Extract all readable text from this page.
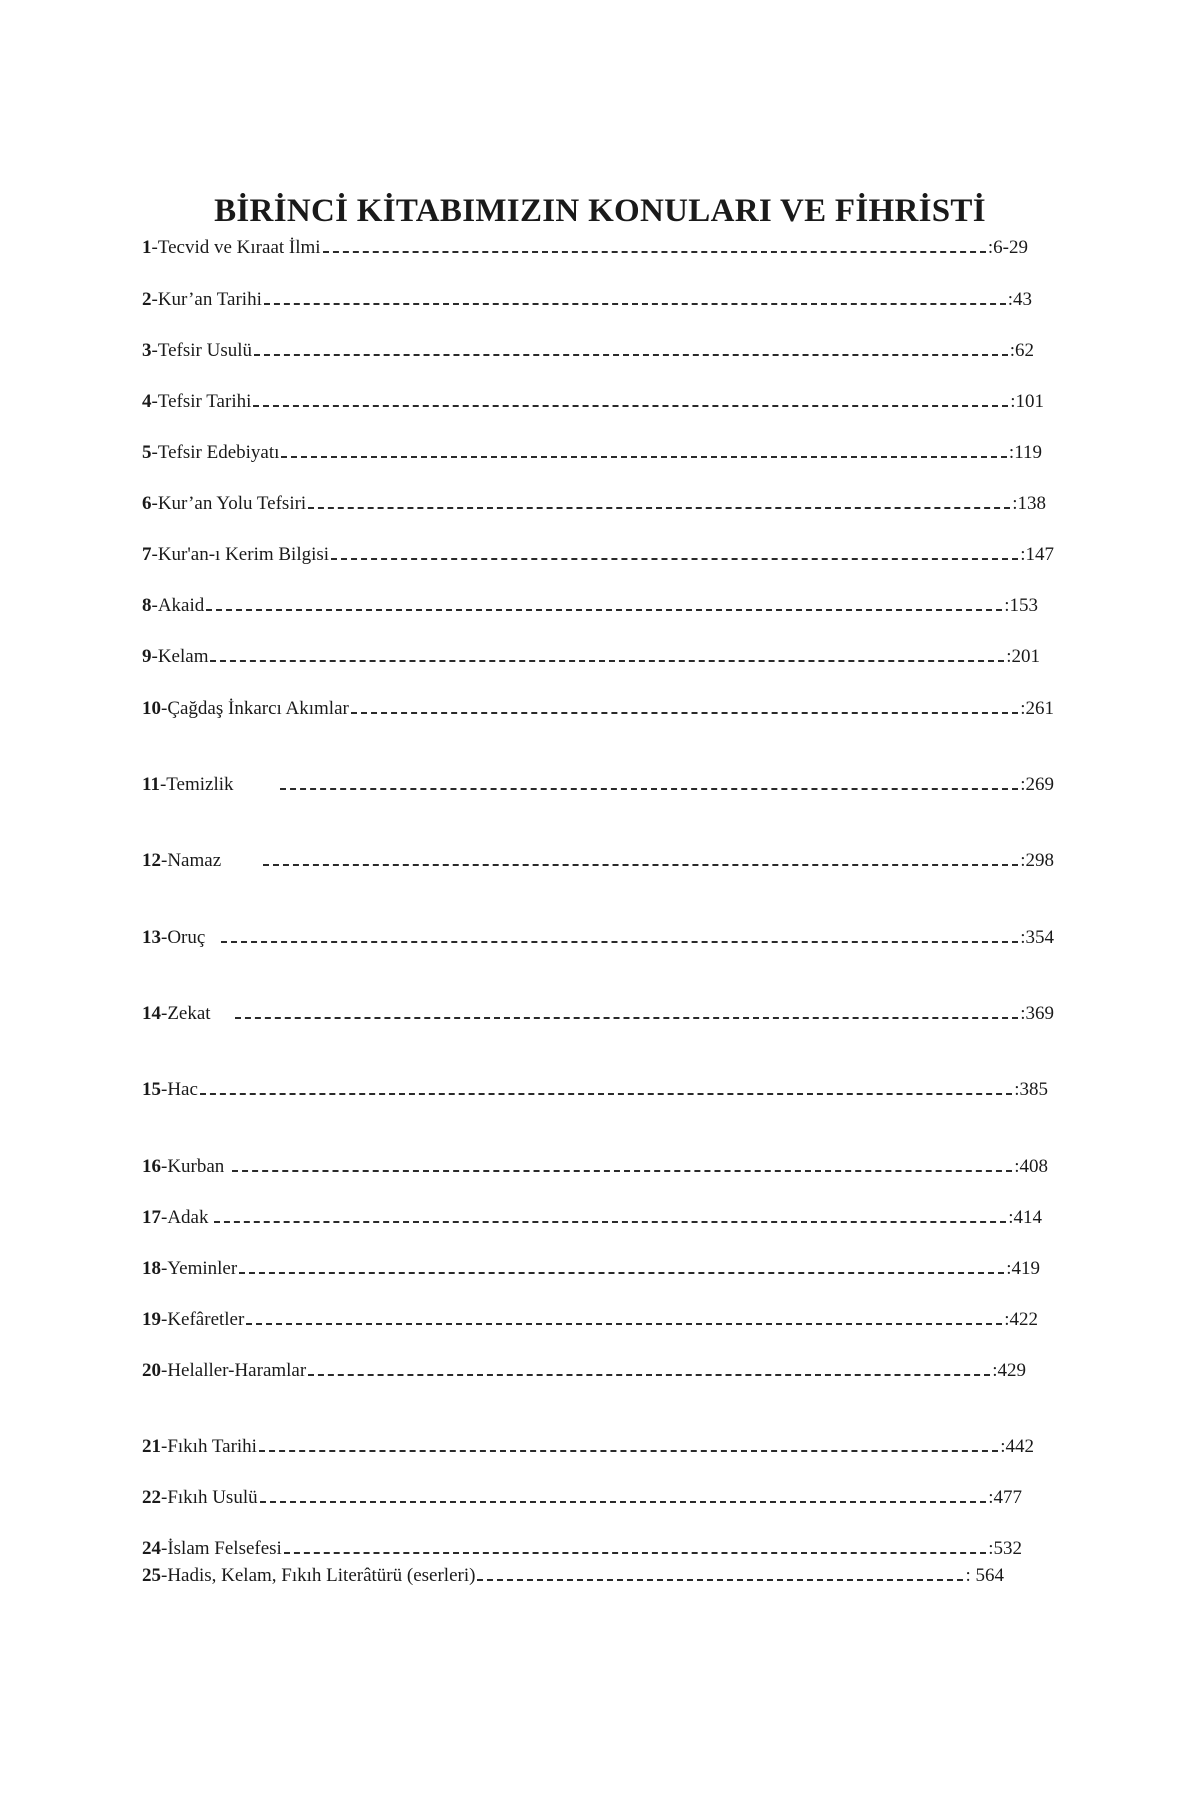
BİRİNCİ KİTABIMIZIN KONULARI VE FİHRİSTİ
1 -Tecvid ve Kıraat İlmi	:6-29
2 -Kur’an Tarihi	:43
3 -Tefsir Usulü	:62
4 -Tefsir Tarihi	:101
5 -Tefsir Edebiyatı	:119
6 -Kur’an Yolu Tefsiri	:138
7 -Kur'an-ı Kerim Bilgisi	:147
8 -Akaid	:153
9 -Kelam	:201
10 -Çağdaş İnkarcı Akımlar	:261
11 -Temizlik	:269
12 -Namaz	:298
13 -Oruç	:354
14 -Zekat	:369
15 -Hac	:385
16 -Kurban	:408
17 -Adak	:414
18 -Yeminler	:419
19 -Kefâretler	:422
20 -Helaller-Haramlar	:429
21 -Fıkıh Tarihi	:442
22 -Fıkıh Usulü	:477
24 -İslam Felsefesi	:532
25 -Hadis, Kelam, Fıkıh Literâtürü (eserleri)	: 564
